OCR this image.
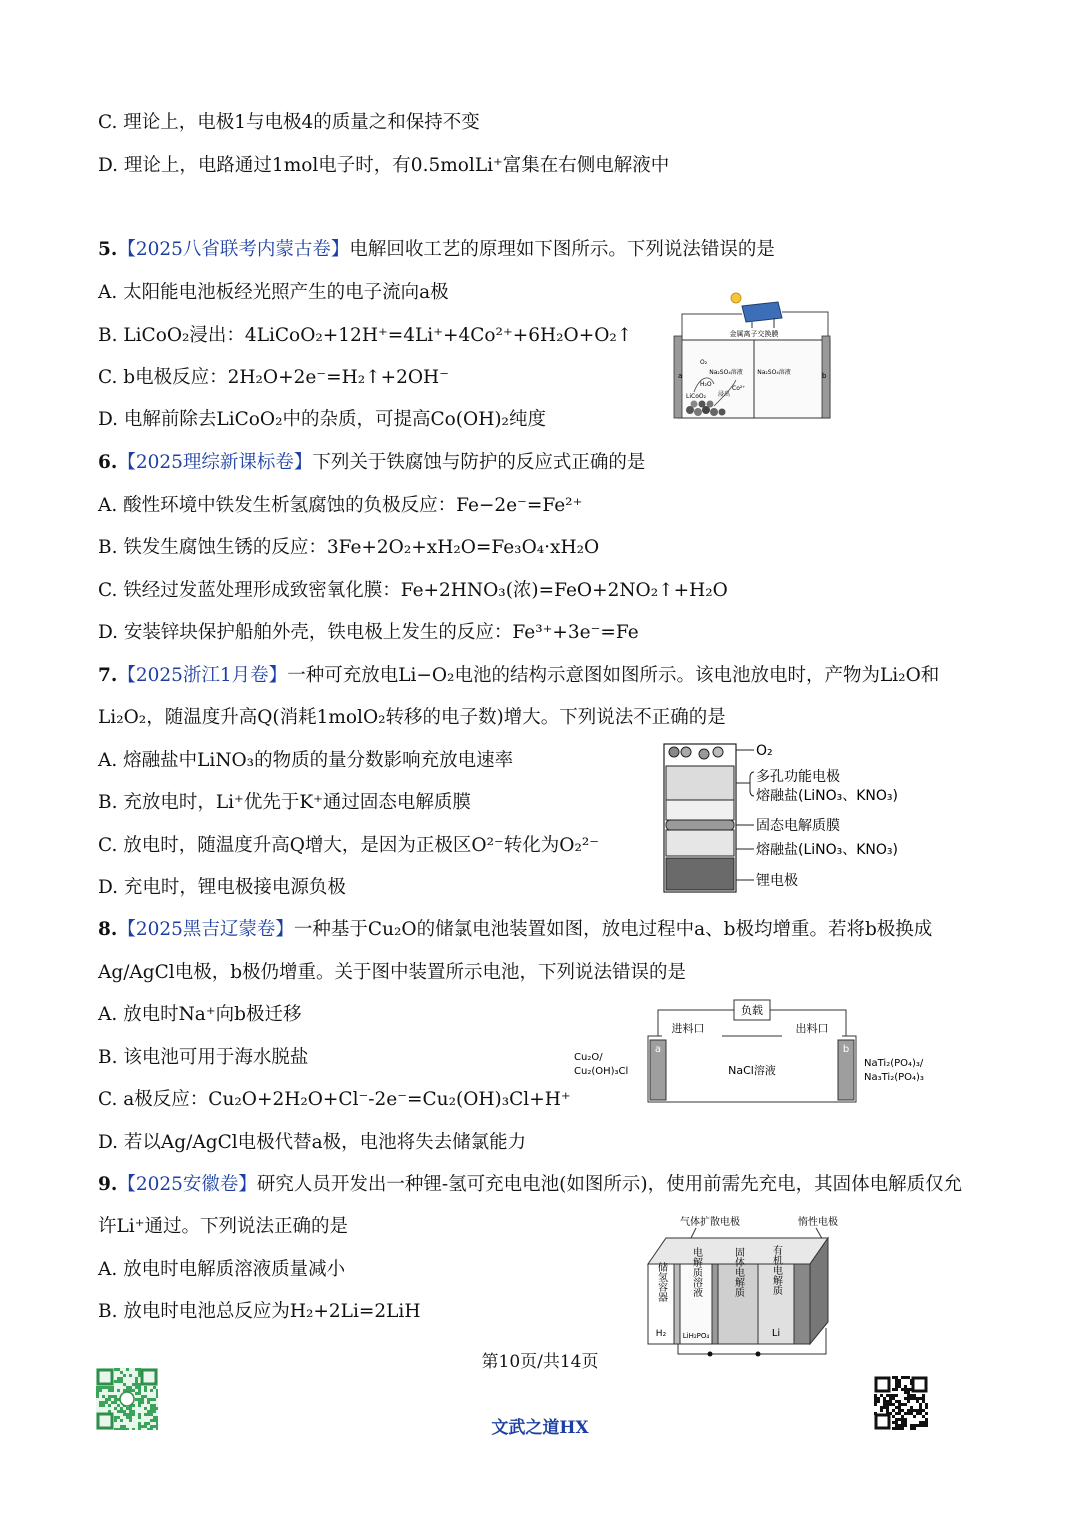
C. 理论上，电极1与电极4的质量之和保持不变
D. 理论上，电路通过1mol电子时，有0.5molLi⁺富集在右侧电解液中
5.【2025八省联考内蒙古卷】电解回收工艺的原理如下图所示。下列说法错误的是
A. 太阳能电池板经光照产生的电子流向a极
B. LiCoO₂浸出：4LiCoO₂+12H⁺=4Li⁺+4Co²⁺+6H₂O+O₂↑
C. b电极反应：2H₂O+2e⁻=H₂↑+2OH⁻
D. 电解前除去LiCoO₂中的杂质，可提高Co(OH)₂纯度
金属离子交换膜
a	b
Na₂SO₄溶液 Na₂SO₄溶液
O₂
H₂O
LiCoO₂
Co²⁺
浸出
6.【2025理综新课标卷】下列关于铁腐蚀与防护的反应式正确的是
A. 酸性环境中铁发生析氢腐蚀的负极反应：Fe−2e⁻=Fe²⁺
B. 铁发生腐蚀生锈的反应：3Fe+2O₂+xH₂O=Fe₃O₄·xH₂O
C. 铁经过发蓝处理形成致密氧化膜：Fe+2HNO₃(浓)=FeO+2NO₂↑+H₂O
D. 安装锌块保护船舶外壳，铁电极上发生的反应：Fe³⁺+3e⁻=Fe
7.【2025浙江1月卷】一种可充放电Li−O₂电池的结构示意图如图所示。该电池放电时，产物为Li₂O和
Li₂O₂，随温度升高Q(消耗1molO₂转移的电子数)增大。下列说法不正确的是
A. 熔融盐中LiNO₃的物质的量分数影响充放电速率
B. 充放电时，Li⁺优先于K⁺通过固态电解质膜
C. 放电时，随温度升高Q增大，是因为正极区O²⁻转化为O₂²⁻
D. 充电时，锂电极接电源负极
O₂
多孔功能电极
熔融盐(LiNO₃、KNO₃)
固态电解质膜
熔融盐(LiNO₃、KNO₃)
锂电极
8.【2025黑吉辽蒙卷】一种基于Cu₂O的储氯电池装置如图，放电过程中a、b极均增重。若将b极换成
Ag/AgCl电极，b极仍增重。关于图中装置所示电池，下列说法错误的是
A. 放电时Na⁺向b极迁移
B. 该电池可用于海水脱盐
C. a极反应：Cu₂O+2H₂O+Cl⁻-2e⁻=Cu₂(OH)₃Cl+H⁺
D. 若以Ag/AgCl电极代替a极，电池将失去储氯能力
负载
进料口	出料口
a	b
NaCl溶液
Cu₂O/
Cu₂(OH)₃Cl
NaTi₂(PO₄)₃/
Na₃Ti₂(PO₄)₃
9.【2025安徽卷】研究人员开发出一种锂-氢可充电电池(如图所示)，使用前需先充电，其固体电解质仅允
许Li⁺通过。下列说法正确的是
A. 放电时电解质溶液质量减小
B. 放电时电池总反应为H₂+2Li=2LiH
气体扩散电极	惰性电极
储氢容器
H₂
电解质溶液
LiH₂PO₄
固体电解质	有机电解质
Li
第10页/共14页
文武之道HX
